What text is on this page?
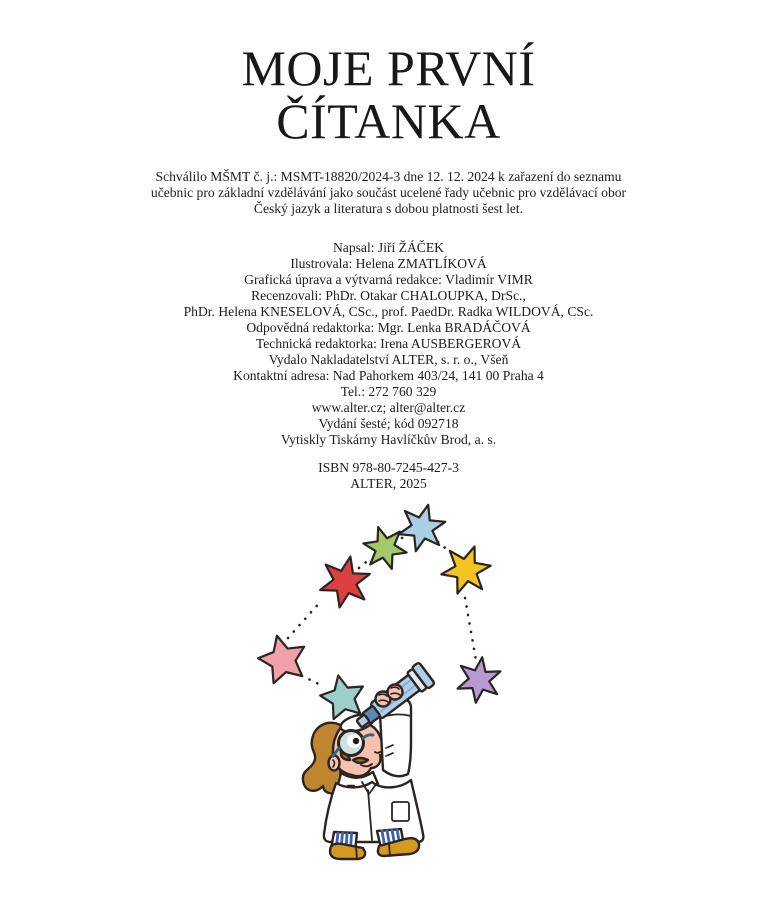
MOJE PRVNÍ
ČÍTANKA
Schválilo MŠMT č. j.: MSMT-18820/2024-3 dne 12. 12. 2024 k zařazení do seznamu
učebnic pro základní vzdělávání jako součást ucelené řady učebnic pro vzdělávací obor
Český jazyk a literatura s dobou platnosti šest let.
Napsal: Jiří ŽÁČEK
Ilustrovala: Helena ZMATLÍKOVÁ
Grafická úprava a výtvarná redakce: Vladimír VIMR
Recenzovali: PhDr. Otakar CHALOUPKA, DrSc.,
PhDr. Helena KNESELOVÁ, CSc., prof. PaedDr. Radka WILDOVÁ, CSc.
Odpovědná redaktorka: Mgr. Lenka BRADÁČOVÁ
Technická redaktorka: Irena AUSBERGEROVÁ
Vydalo Nakladatelství ALTER, s. r. o., Všeň
Kontaktní adresa: Nad Pahorkem 403/24, 141 00 Praha 4
Tel.: 272 760 329
www.alter.cz; alter@alter.cz
Vydání šesté; kód 092718
Vytiskly Tiskárny Havlíčkův Brod, a. s.
ISBN 978-80-7245-427-3
ALTER, 2025
